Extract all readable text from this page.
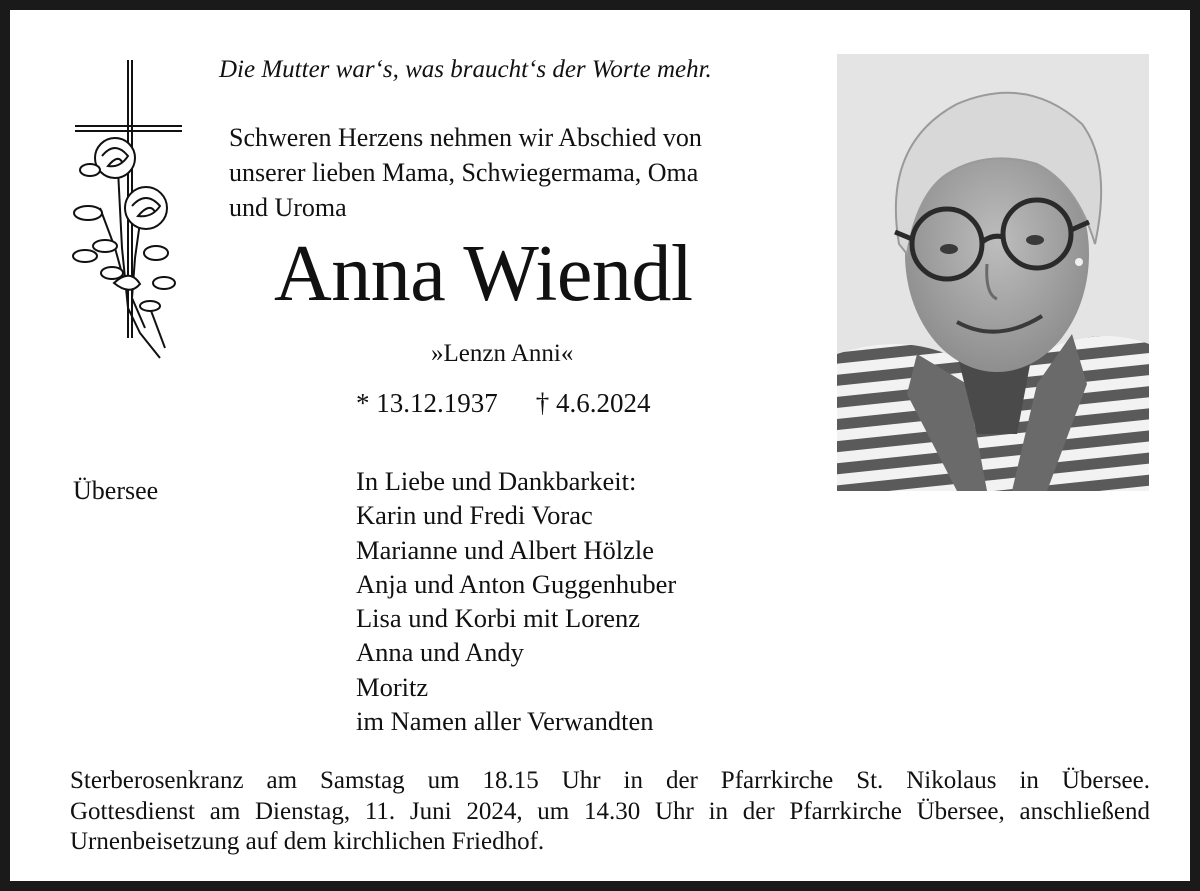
Die Mutter war‘s, was braucht‘s der Worte mehr.
Schweren Herzens nehmen wir Abschied von
unserer lieben Mama, Schwiegermama, Oma
und Uroma
Anna Wiendl
»Lenzn Anni«
* 13.12.1937 † 4.6.2024
Übersee	In Liebe und Dankbarkeit:
Karin und Fredi Vorac
Marianne und Albert Hölzle
Anja und Anton Guggenhuber
Lisa und Korbi mit Lorenz
Anna und Andy
Moritz
im Namen aller Verwandten
Sterberosenkranz am Samstag um 18.15 Uhr in der Pfarrkirche St. Nikolaus in Übersee.
Gottesdienst am Dienstag, 11. Juni 2024, um 14.30 Uhr in der Pfarrkirche Übersee, anschließend
Urnenbeisetzung auf dem kirchlichen Friedhof.
